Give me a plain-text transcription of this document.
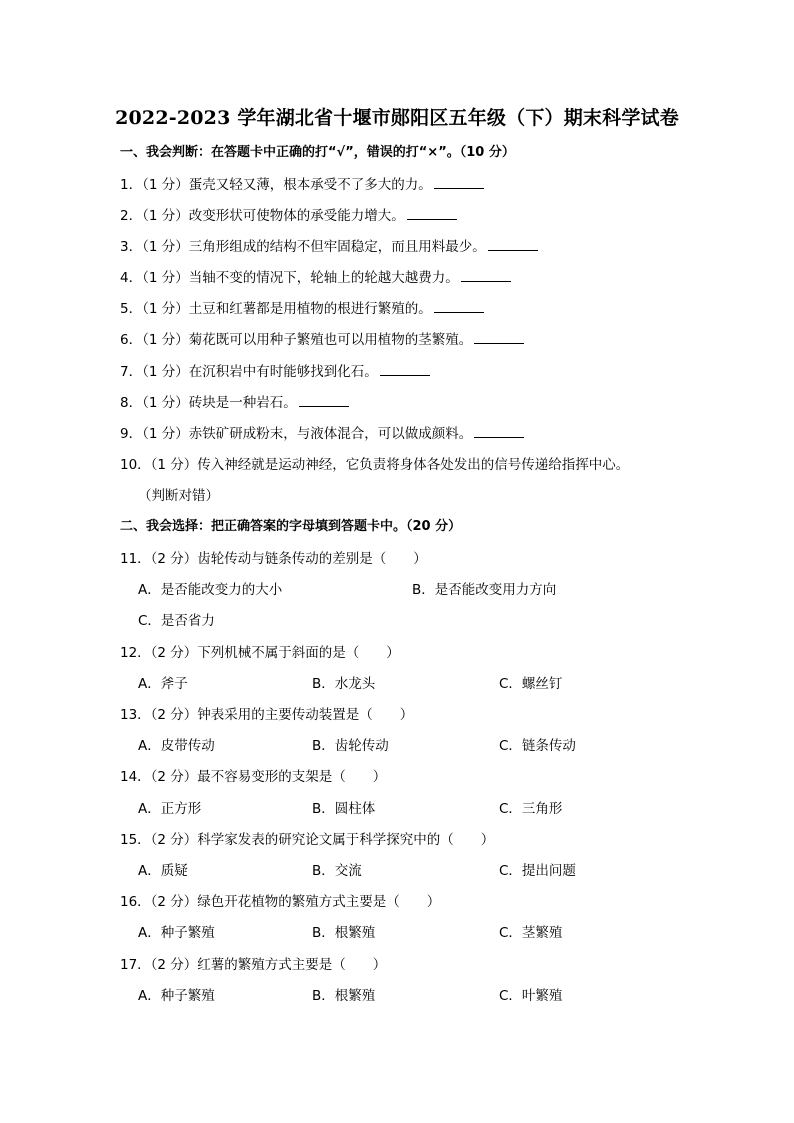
2022-2023 学年湖北省十堰市郧阳区五年级（下）期末科学试卷
一、我会判断：在答题卡中正确的打“√”，错误的打“×”。（10 分）
1．（1 分）蛋壳又轻又薄，根本承受不了多大的力。
2．（1 分）改变形状可使物体的承受能力增大。
3．（1 分）三角形组成的结构不但牢固稳定，而且用料最少。
4．（1 分）当轴不变的情况下，轮轴上的轮越大越费力。
5．（1 分）土豆和红薯都是用植物的根进行繁殖的。
6．（1 分）菊花既可以用种子繁殖也可以用植物的茎繁殖。
7．（1 分）在沉积岩中有时能够找到化石。
8．（1 分）砖块是一种岩石。
9．（1 分）赤铁矿研成粉末，与液体混合，可以做成颜料。
10．（1 分）传入神经就是运动神经，它负责将身体各处发出的信号传递给指挥中心。
（判断对错）
二、我会选择：把正确答案的字母填到答题卡中。（20 分）
11．（2 分）齿轮传动与链条传动的差别是（　　）
A．是否能改变力的大小	B．是否能改变用力方向
C．是否省力
12．（2 分）下列机械不属于斜面的是（　　）
A．斧子	B．水龙头	C．螺丝钉
13．（2 分）钟表采用的主要传动装置是（　　）
A．皮带传动	B．齿轮传动	C．链条传动
14．（2 分）最不容易变形的支架是（　　）
A．正方形	B．圆柱体	C．三角形
15．（2 分）科学家发表的研究论文属于科学探究中的（　　）
A．质疑	B．交流	C．提出问题
16．（2 分）绿色开花植物的繁殖方式主要是（　　）
A．种子繁殖	B．根繁殖	C．茎繁殖
17．（2 分）红薯的繁殖方式主要是（　　）
A．种子繁殖	B．根繁殖	C．叶繁殖
